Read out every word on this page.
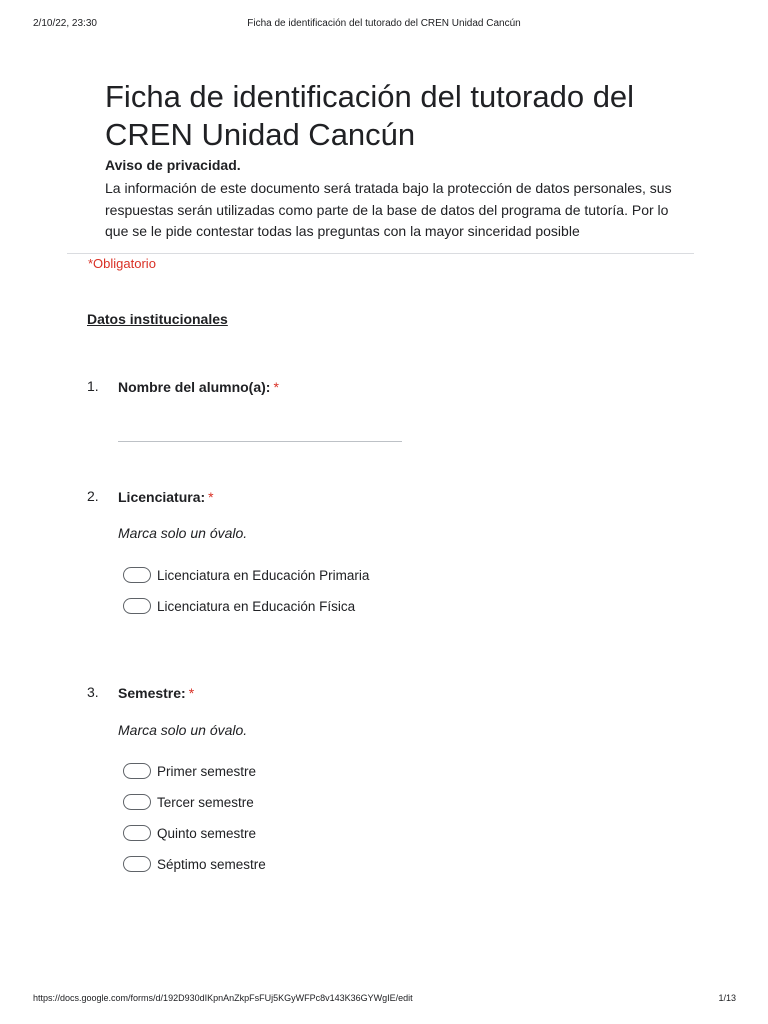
2/10/22, 23:30	Ficha de identificación del tutorado del CREN Unidad Cancún
Ficha de identificación del tutorado del CREN Unidad Cancún
Aviso de privacidad.
La información de este documento será tratada bajo la protección de datos personales, sus respuestas serán utilizadas como parte de la base de datos del programa de tutoría. Por lo que se le pide contestar todas las preguntas con la mayor sinceridad posible
*Obligatorio
Datos institucionales
1. Nombre del alumno(a): *
2. Licenciatura: *
Marca solo un óvalo.
Licenciatura en Educación Primaria
Licenciatura en Educación Física
3. Semestre: *
Marca solo un óvalo.
Primer semestre
Tercer semestre
Quinto semestre
Séptimo semestre
https://docs.google.com/forms/d/192D930dIKpnAnZkpFsFUj5KGyWFPc8v143K36GYWgIE/edit	1/13
